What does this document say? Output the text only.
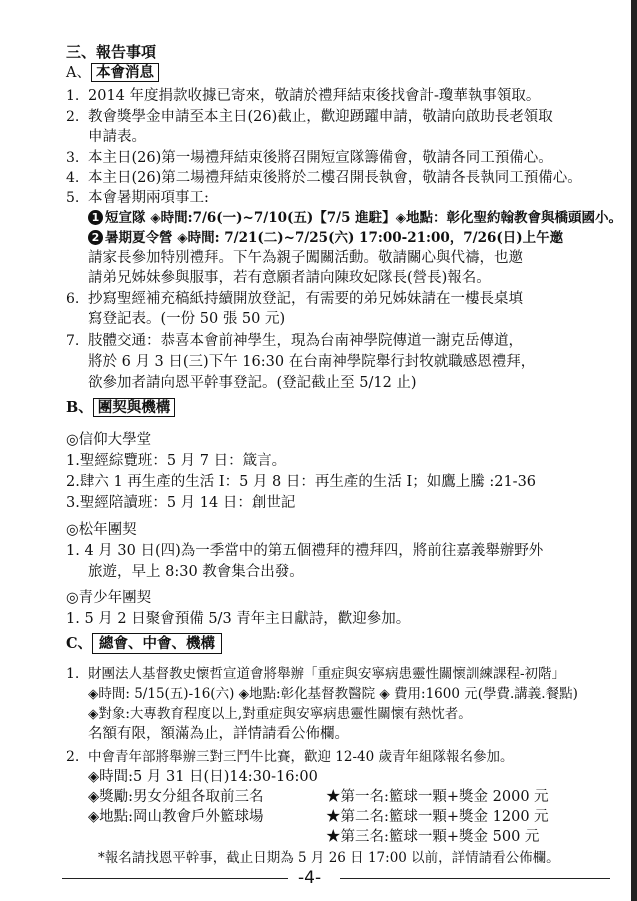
三、報告事項
A、 本會消息
1. 2014 年度捐款收據已寄來，敬請於禮拜結束後找會計-瓊華執事領取。
2. 教會獎學金申請至本主日(26)截止，歡迎踴躍申請，敬請向啟助長老領取
申請表。
3. 本主日(26)第一場禮拜結束後將召開短宣隊籌備會，敬請各同工預備心。
4. 本主日(26)第二場禮拜結束後將於二樓召開長執會，敬請各長執同工預備心。
5. 本會暑期兩項事工:
1 短宣隊 ◈時間:7/6(一)~7/10(五)【7/5 進駐】◈地點：彰化聖約翰教會與橋頭國小。
2 暑期夏令營 ◈時間: 7/21(二)~7/25(六) 17:00-21:00，7/26(日)上午邀
請家長參加特別禮拜。下午為親子闖關活動。敬請關心與代禱，也邀
請弟兄姊妹參與服事，若有意願者請向陳玫妃隊長(營長)報名。
6. 抄寫聖經補充稿紙持續開放登記，有需要的弟兄姊妹請在一樓長桌填
寫登記表。(一份 50 張 50 元)
7. 肢體交通：恭喜本會前神學生，現為台南神學院傳道一謝克岳傳道，
將於 6 月 3 日(三)下午 16:30 在台南神學院舉行封牧就職感恩禮拜，
欲參加者請向恩平幹事登記。(登記截止至 5/12 止)
B、 團契與機構
◎信仰大學堂
1.聖經綜覽班：5 月 7 日：箴言。
2.肆六 1 再生產的生活 I：5 月 8 日：再生產的生活 I；如鷹上騰 :21-36
3.聖經陪讀班：5 月 14 日：創世記
◎松年團契
1. 4 月 30 日(四)為一季當中的第五個禮拜的禮拜四，將前往嘉義舉辦野外
旅遊，早上 8:30 教會集合出發。
◎青少年團契
1. 5 月 2 日聚會預備 5/3 青年主日獻詩，歡迎參加。
C、 總會、中會、機構
1. 財團法人基督教史懷哲宣道會將舉辦「重症與安寧病患靈性關懷訓練課程-初階」
◈時間: 5/15(五)-16(六) ◈地點:彰化基督教醫院 ◈ 費用:1600 元(學費.講義.餐點)
◈對象:大專教育程度以上,對重症與安寧病患靈性關懷有熱忱者。
名額有限，額滿為止，詳情請看公佈欄。
2. 中會青年部將舉辦三對三鬥牛比賽，歡迎 12-40 歲青年組隊報名參加。
◈時間:5 月 31 日(日)14:30-16:00
◈獎勵:男女分組各取前三名
◈地點:岡山教會戶外籃球場
★第一名:籃球一顆+獎金 2000 元
★第二名:籃球一顆+獎金 1200 元
★第三名:籃球一顆+獎金 500 元
*報名請找恩平幹事，截止日期為 5 月 26 日 17:00 以前，詳情請看公佈欄。
-4-
